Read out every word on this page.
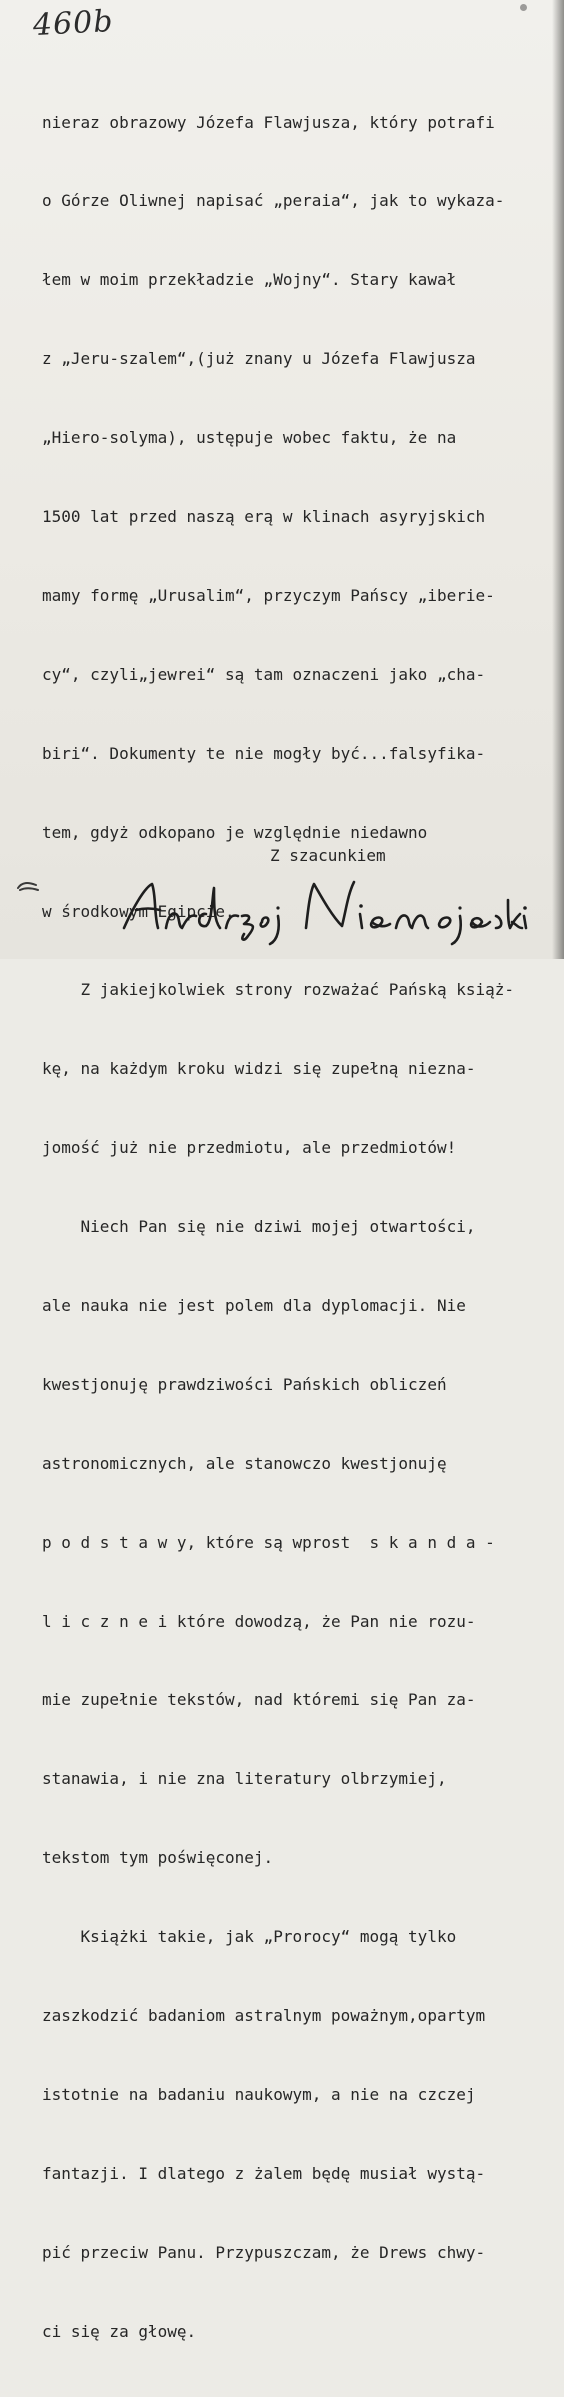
460b

nieraz obrazowy Józefa Flawjusza, który potrafi

o Górze Oliwnej napisać „peraia“, jak to wykaza-

łem w moim przekładzie „Wojny“. Stary kawał

z „Jeru-szalem“,(już znany u Józefa Flawjusza

„Hiero-solyma), ustępuje wobec faktu, że na

1500 lat przed naszą erą w klinach asyryjskich

mamy formę „Urusalim“, przyczym Pańscy „iberie-

cy“, czyli„jewrei“ są tam oznaczeni jako „cha-

biri“. Dokumenty te nie mogły być...falsyfika-

tem, gdyż odkopano je względnie niedawno

w środkowym Egipcie.

Z jakiejkolwiek strony rozważać Pańską książ-

kę, na każdym kroku widzi się zupełną niezna-

jomość już nie przedmiotu, ale przedmiotów!

Niech Pan się nie dziwi mojej otwartości,

ale nauka nie jest polem dla dyplomacji. Nie

kwestjonuję prawdziwości Pańskich obliczeń

astronomicznych, ale stanowczo kwestjonuję

p o d s t a w y, które są wprost  s k a n d a -

l i c z n e i które dowodzą, że Pan nie rozu-

mie zupełnie tekstów, nad któremi się Pan za-

stanawia, i nie zna literatury olbrzymiej,

tekstom tym poświęconej.

Książki takie, jak „Prorocy“ mogą tylko

zaszkodzić badaniom astralnym poważnym,opartym

istotnie na badaniu naukowym, a nie na czczej

fantazji. I dlatego z żalem będę musiał wystą-

pić przeciw Panu. Przypuszczam, że Drews chwy-

ci się za głowę.

Z szacunkiem
